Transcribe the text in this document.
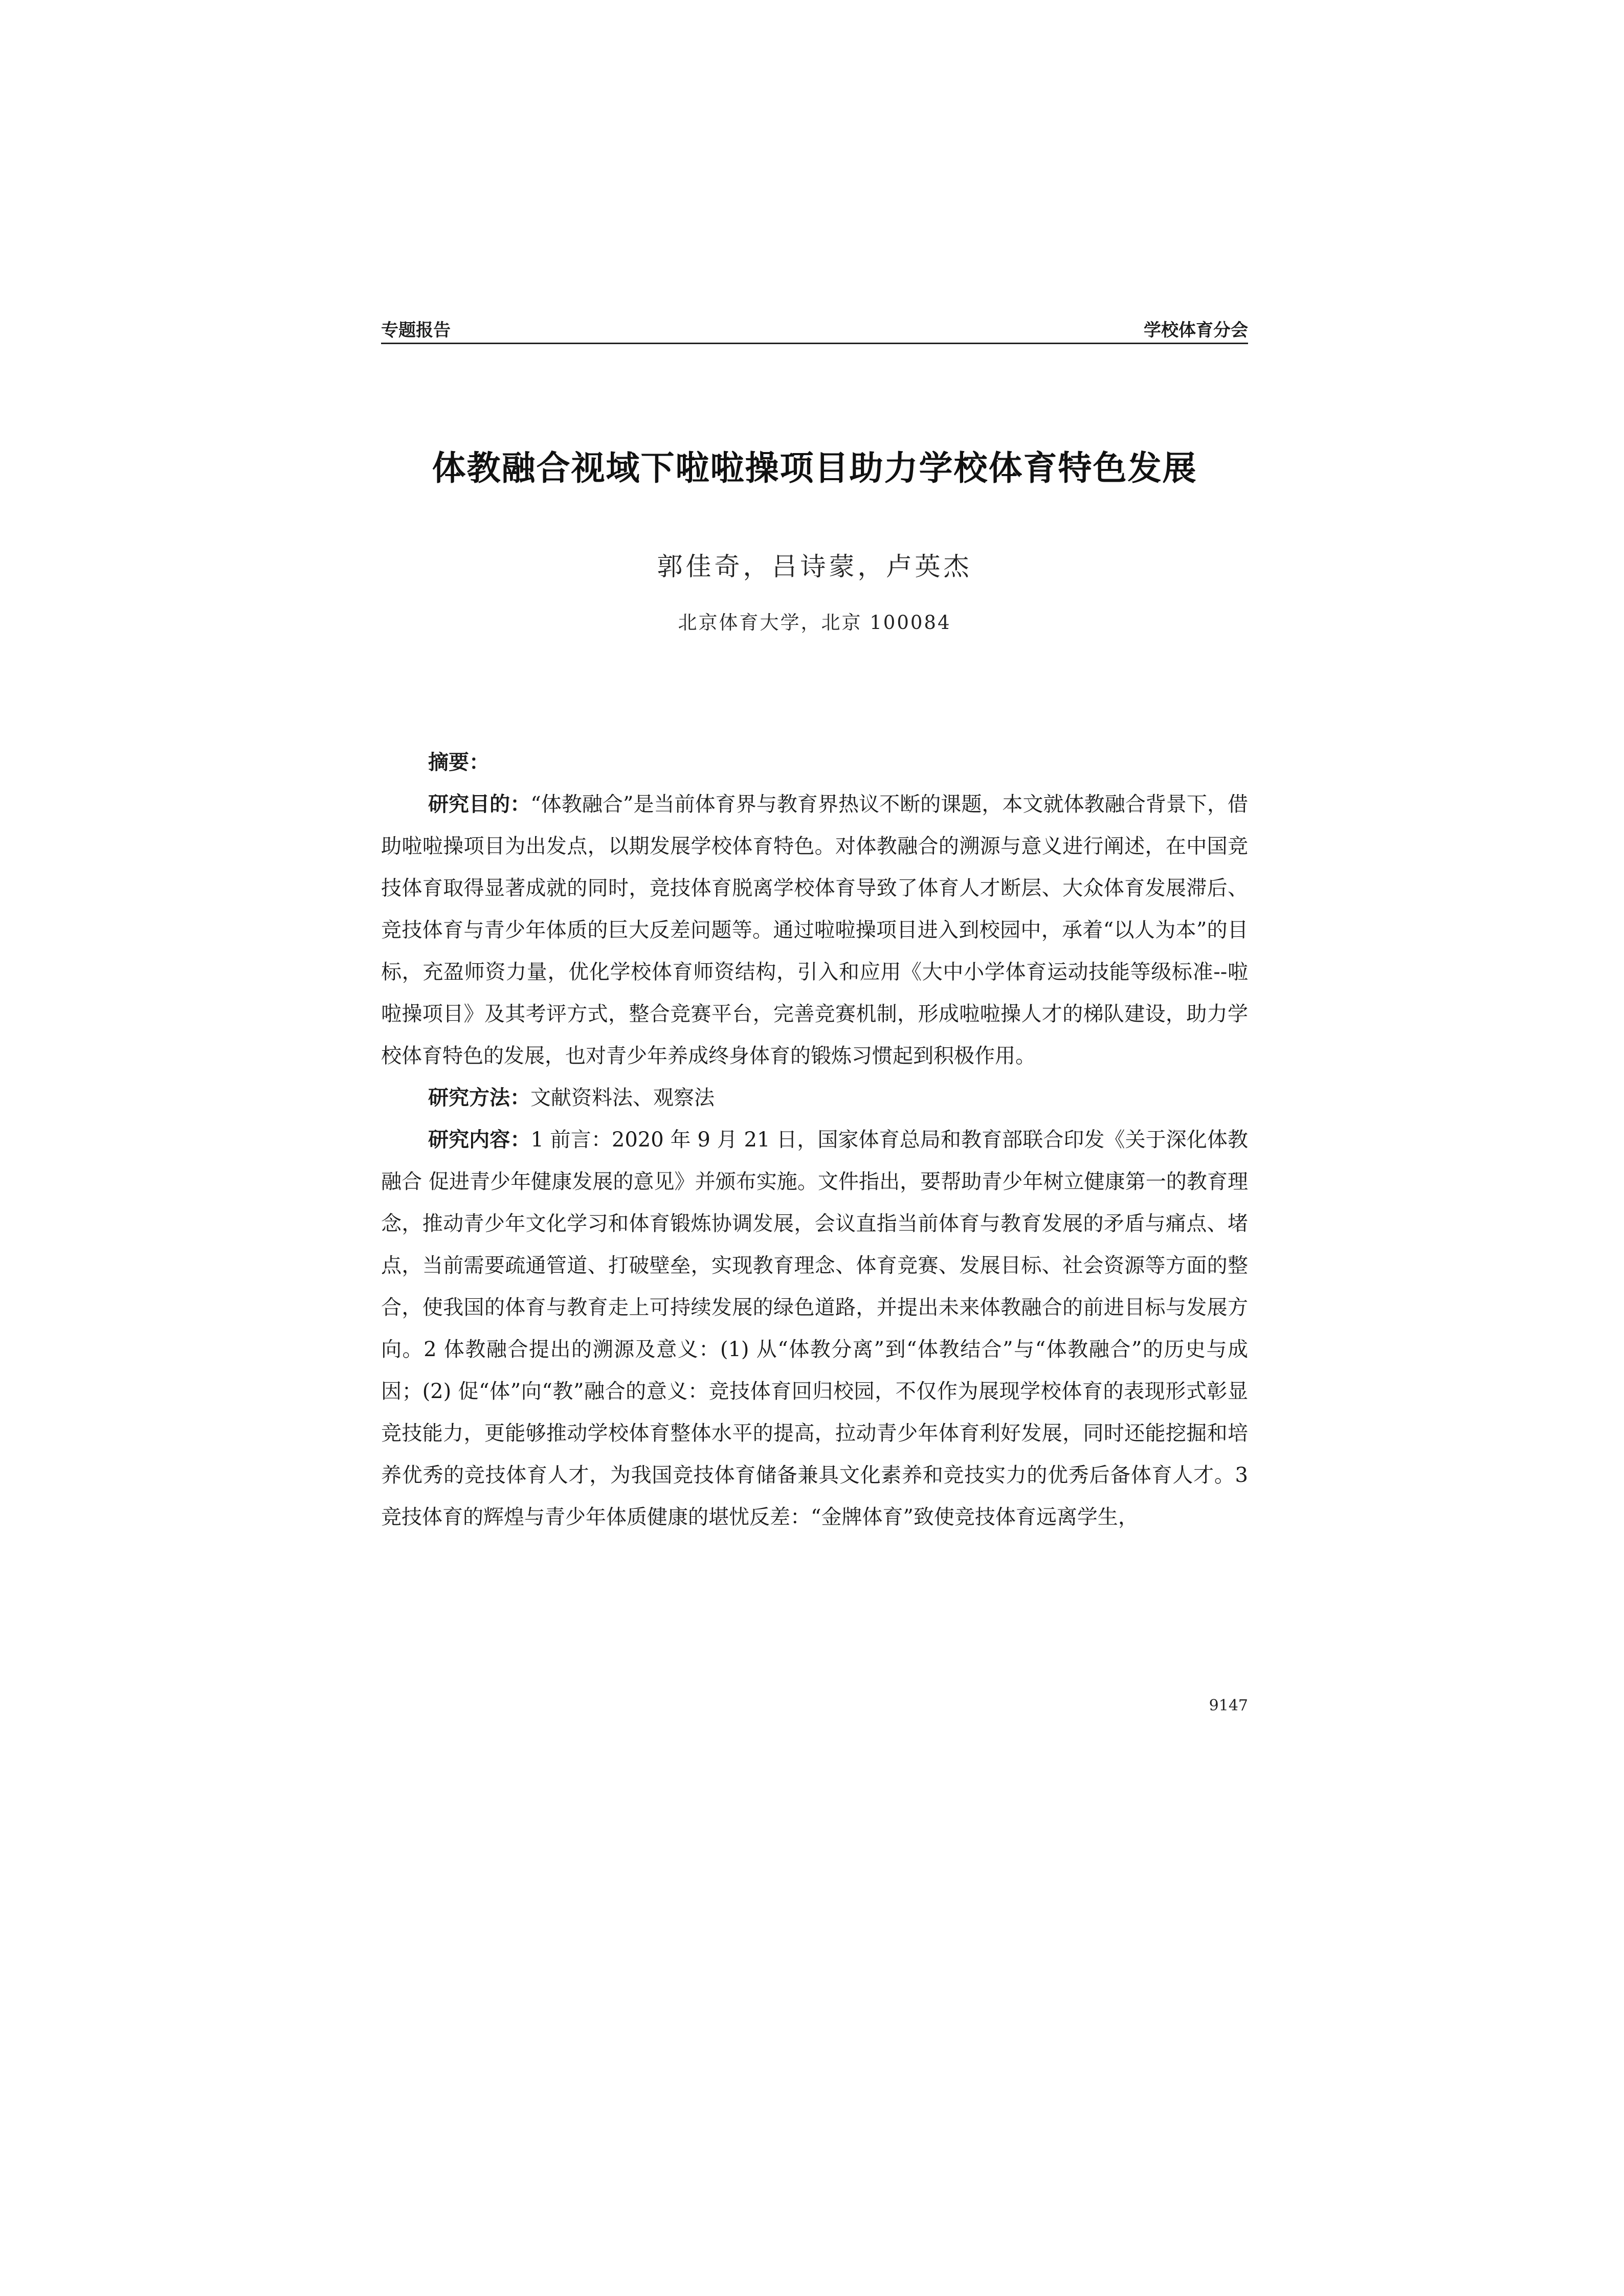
专题报告	学校体育分会
体教融合视域下啦啦操项目助力学校体育特色发展
郭佳奇，吕诗蒙，卢英杰
北京体育大学，北京 100084

摘要：

研究目的：“体教融合”是当前体育界与教育界热议不断的课题，本文就体教融合背景下，借助啦啦操项目为出发点，以期发展学校体育特色。对体教融合的溯源与意义进行阐述，在中国竞技体育取得显著成就的同时，竞技体育脱离学校体育导致了体育人才断层、大众体育发展滞后、竞技体育与青少年体质的巨大反差问题等。通过啦啦操项目进入到校园中，承着“以人为本”的目标，充盈师资力量，优化学校体育师资结构，引入和应用《大中小学体育运动技能等级标准--啦啦操项目》及其考评方式，整合竞赛平台，完善竞赛机制，形成啦啦操人才的梯队建设，助力学校体育特色的发展，也对青少年养成终身体育的锻炼习惯起到积极作用。

研究方法：文献资料法、观察法

研究内容：1 前言：2020 年 9 月 21 日，国家体育总局和教育部联合印发《关于深化体教融合 促进青少年健康发展的意见》并颁布实施。文件指出，要帮助青少年树立健康第一的教育理念，推动青少年文化学习和体育锻炼协调发展，会议直指当前体育与教育发展的矛盾与痛点、堵点，当前需要疏通管道、打破壁垒，实现教育理念、体育竞赛、发展目标、社会资源等方面的整合，使我国的体育与教育走上可持续发展的绿色道路，并提出未来体教融合的前进目标与发展方向。2 体教融合提出的溯源及意义：(1) 从“体教分离”到“体教结合”与“体教融合”的历史与成因；(2) 促“体”向“教”融合的意义：竞技体育回归校园，不仅作为展现学校体育的表现形式彰显竞技能力，更能够推动学校体育整体水平的提高，拉动青少年体育利好发展，同时还能挖掘和培养优秀的竞技体育人才，为我国竞技体育储备兼具文化素养和竞技实力的优秀后备体育人才。3 竞技体育的辉煌与青少年体质健康的堪忧反差：“金牌体育”致使竞技体育远离学生，

9147
